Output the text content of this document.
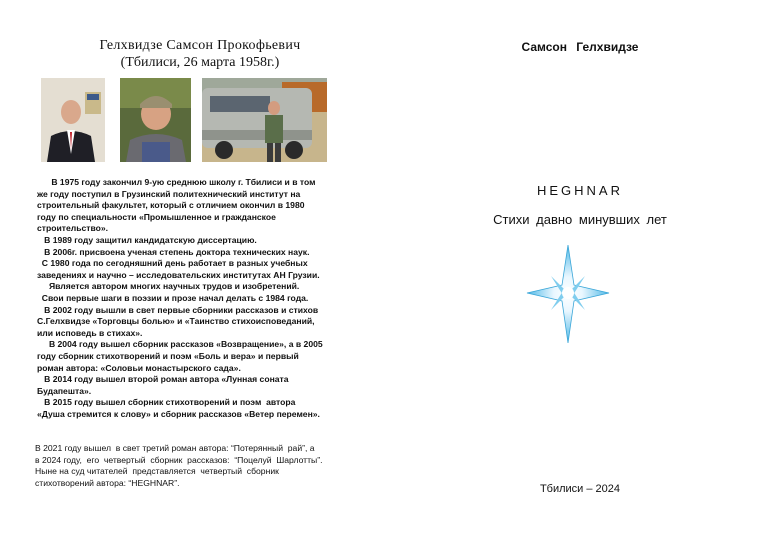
Гелхвидзе Самсон Прокофьевич
(Тбилиси, 26 марта 1958г.)

В 1975 году закончил 9-ую среднюю школу г. Тбилиси и в том

же году поступил в Грузинский политехнический институт на

строительный факультет, который с отличием окончил в 1980

году по специальности «Промышленное и гражданское

строительство».

В 1989 году защитил кандидатскую диссертацию.

В 2006г. присвоена ученая степень доктора технических наук.

С 1980 года по сегодняшний день работает в разных учебных

заведениях и научно – исследовательских институтах АН Грузии.

Является автором многих научных трудов и изобретений.

Свои первые шаги в поэзии и прозе начал делать с 1984 года.

В 2002 году вышли в свет первые сборники рассказов и стихов

С.Гелхвидзе «Торговцы болью» и «Таинство стихоисповеданий,

или исповедь в стихах».

В 2004 году вышел сборник рассказов «Возвращение», а в 2005

году сборник стихотворений и поэм «Боль и вера» и первый

роман автора: «Соловьи монастырского сада».

В 2014 году вышел второй роман автора «Лунная соната

Будапешта».

В 2015 году вышел сборник стихотворений и поэм  автора

«Душа стремится к слову» и сборник рассказов «Ветер перемен».

В 2021 году вышел  в свет третий роман автора: “Потерянный  рай”, а

в 2024 году,  его  четвертый  сборник  рассказов:  “Поцелуй  Шарлотты”.

Ныне на суд читателей  представляется  четвертый  сборник

стихотворений автора: “HEGHNAR”.

Самсон Гелхвидзе
HEGHNAR
Стихи давно минувших лет
Тбилиси – 2024
